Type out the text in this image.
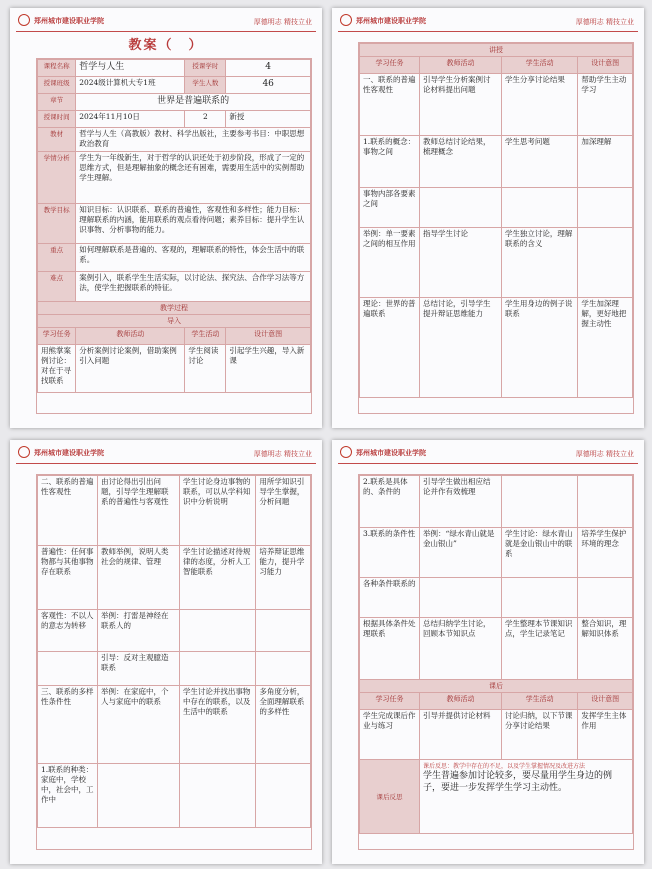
郑州城市建设职业学院	厚德明志 精技立业
教案（　）
课程名称	哲学与人生	授课学时	4
授课班级	2024级计算机大专1班	学生人数	46
章节	世界是普遍联系的		
授课时间	2024年11月10日	2	新授
教材	哲学与人生（高教版）教材、科学出版社，主要参考书目：中职思想政治教育		
学情分析	学生为一年级新生，对于哲学的认识还处于初步阶段，形成了一定的思维方式，但是理解抽象的概念还有困难，需要用生活中的实例帮助学生理解。		
教学目标	知识目标：认识联系、联系的普遍性，客观性和多样性；能力目标：理解联系的内涵，能用联系的观点看待问题；素养目标：提升学生认识事物、分析事物的能力。		
重点	如何理解联系是普遍的、客观的，理解联系的特性，体会生活中的联系。		
难点	案例引入，联系学生生活实际，以讨论法、探究法、合作学习法等方法，使学生把握联系的特征。		
教学过程			
导入			
学习任务	教师活动	学生活动	设计意图
用熊掌案例讨论：对在于寻找联系	分析案例讨论案例，借助案例引入问题	学生阅读讨论	引起学生兴趣，导入新课
郑州城市建设职业学院	厚德明志 精技立业
讲授			
学习任务	教师活动	学生活动	设计意图
一、联系的普遍性客观性	引导学生分析案例讨论材料提出问题	学生分享讨论结果	帮助学生主动学习
1.联系的概念：事物之间	教师总结讨论结果，梳理概念	学生思考问题	加深理解
事物内部各要素之间			
举例：单一要素之间的相互作用	指导学生讨论	学生独立讨论，理解联系的含义	
理论：世界的普遍联系	总结讨论，引导学生提升辩证思维能力	学生用身边的例子说联系	学生加深理解，更好地把握主动性
郑州城市建设职业学院	厚德明志 精技立业
二、联系的普遍性客观性	由讨论得出引出问题，引导学生理解联系的普遍性与客观性	学生讨论身边事物的联系，可以从学科知识中分析说明	用所学知识引导学生掌握，分析问题
普遍性：任何事物都与其他事物存在联系	教师举例，说明人类社会的规律、管理	学生讨论描述对待规律的态度，分析人工智能联系	培养辩证思维能力，提升学习能力
客观性：不以人的意志为转移	举例：打雷是神经在联系人的		
	引导：反对主观臆造联系		
三、联系的多样性条件性	举例：在家庭中，个人与家庭中的联系	学生讨论并找出事物中存在的联系，以及生活中的联系	多角度分析，全面理解联系的多样性
1.联系的种类：家庭中，学校中，社会中，工作中			
郑州城市建设职业学院	厚德明志 精技立业
2.联系是具体的、条件的	引导学生做出相应结论并作有效梳理		
3.联系的条件性	举例：“绿水青山就是金山银山”	学生讨论：绿水青山就是金山银山中的联系	培养学生保护环境的理念
各种条件联系的			
根据具体条件处理联系	总结归纳学生讨论，回顾本节知识点	学生整理本节课知识点，学生记录笔记	整合知识，理解知识体系
课后			
学习任务	教师活动	学生活动	设计意图
学生完成课后作业与练习	引导并提供讨论材料	讨论归纳，以下节课分享讨论结果	发挥学生主体作用
课后反思	课后反思：教学中存在的不足，以及学生掌握情况及改进方法
学生普遍参加讨论较多，要尽量用学生身边的例子，要进一步发挥学生学习主动性。		
